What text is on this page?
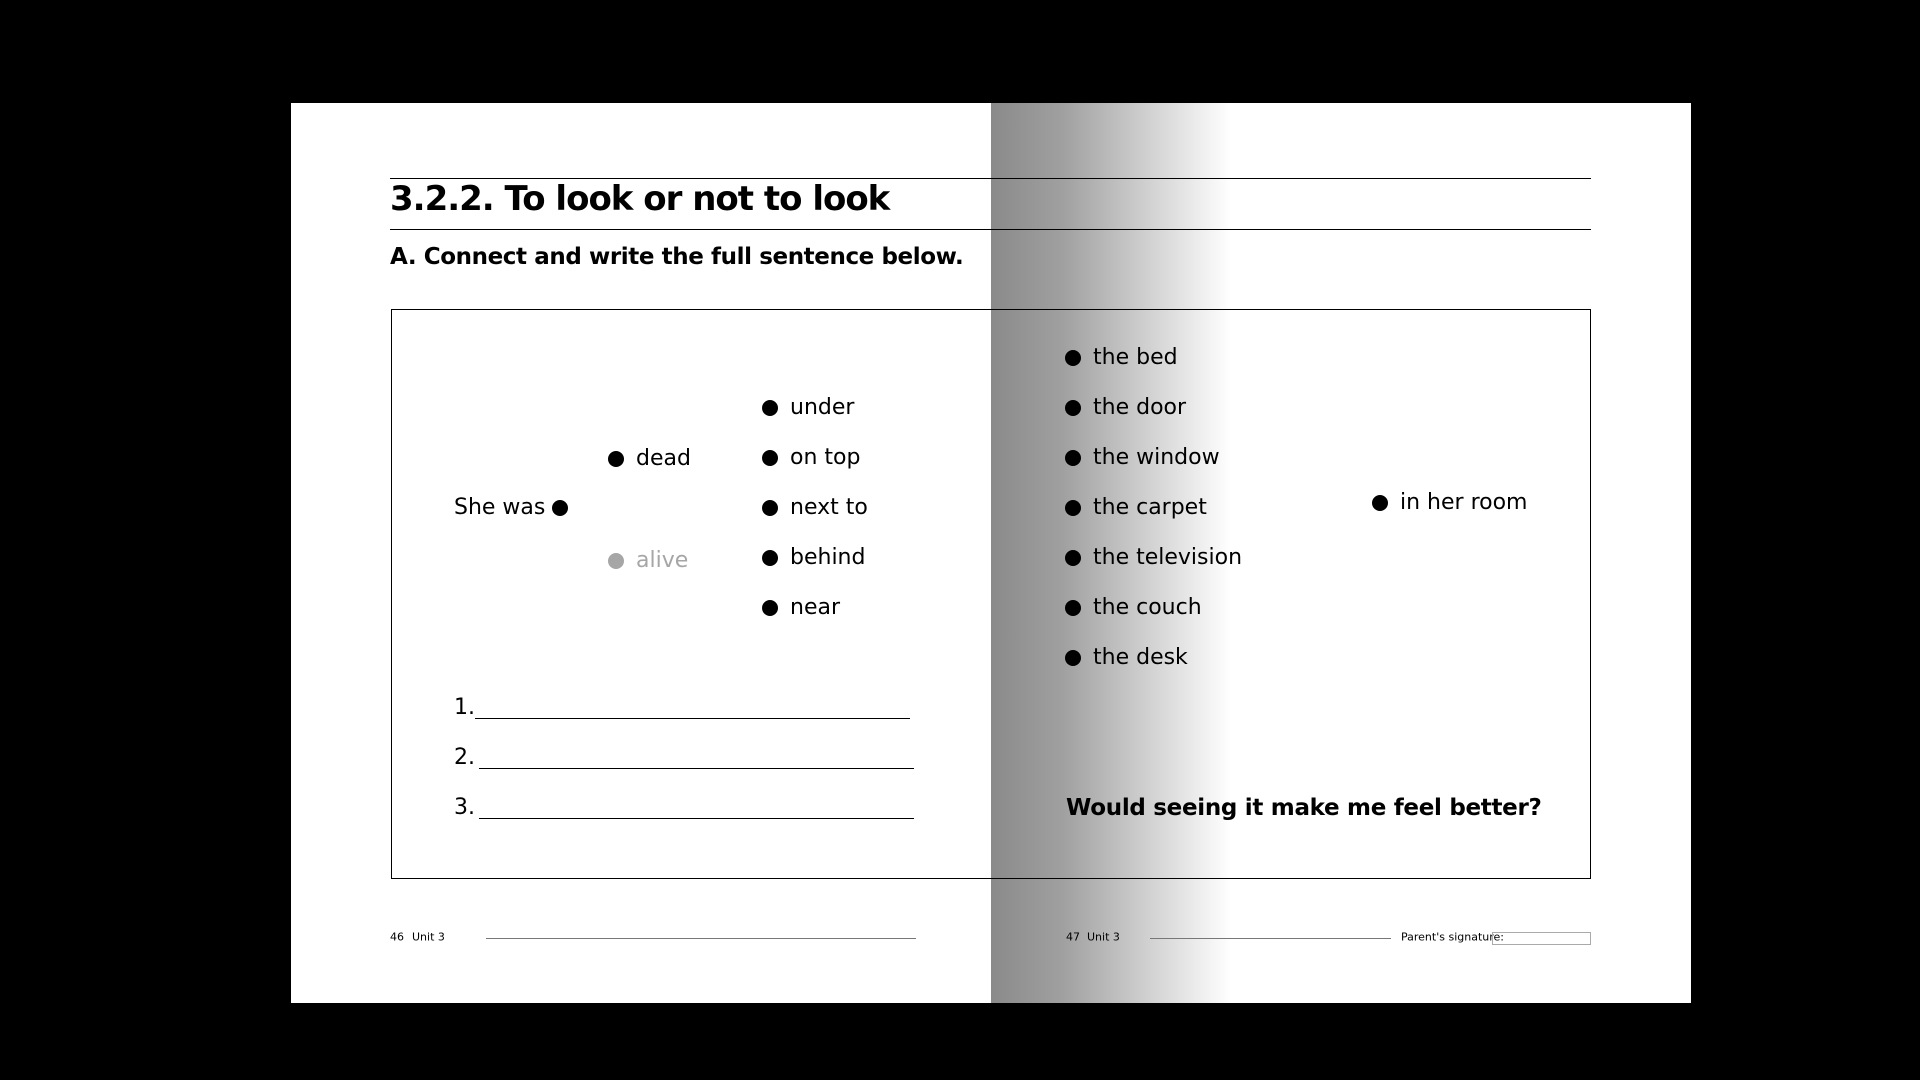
3.2.2. To look or not to look
A. Connect and write the full sentence below.
She was
dead
alive
under
on top
next to
behind
near
the bed
the door
the window
the carpet
the television
the couch
the desk
in her room
1.
2.
3.	Would seeing it make me feel better?
46 Unit 3	47 Unit 3	Parent's signature:
